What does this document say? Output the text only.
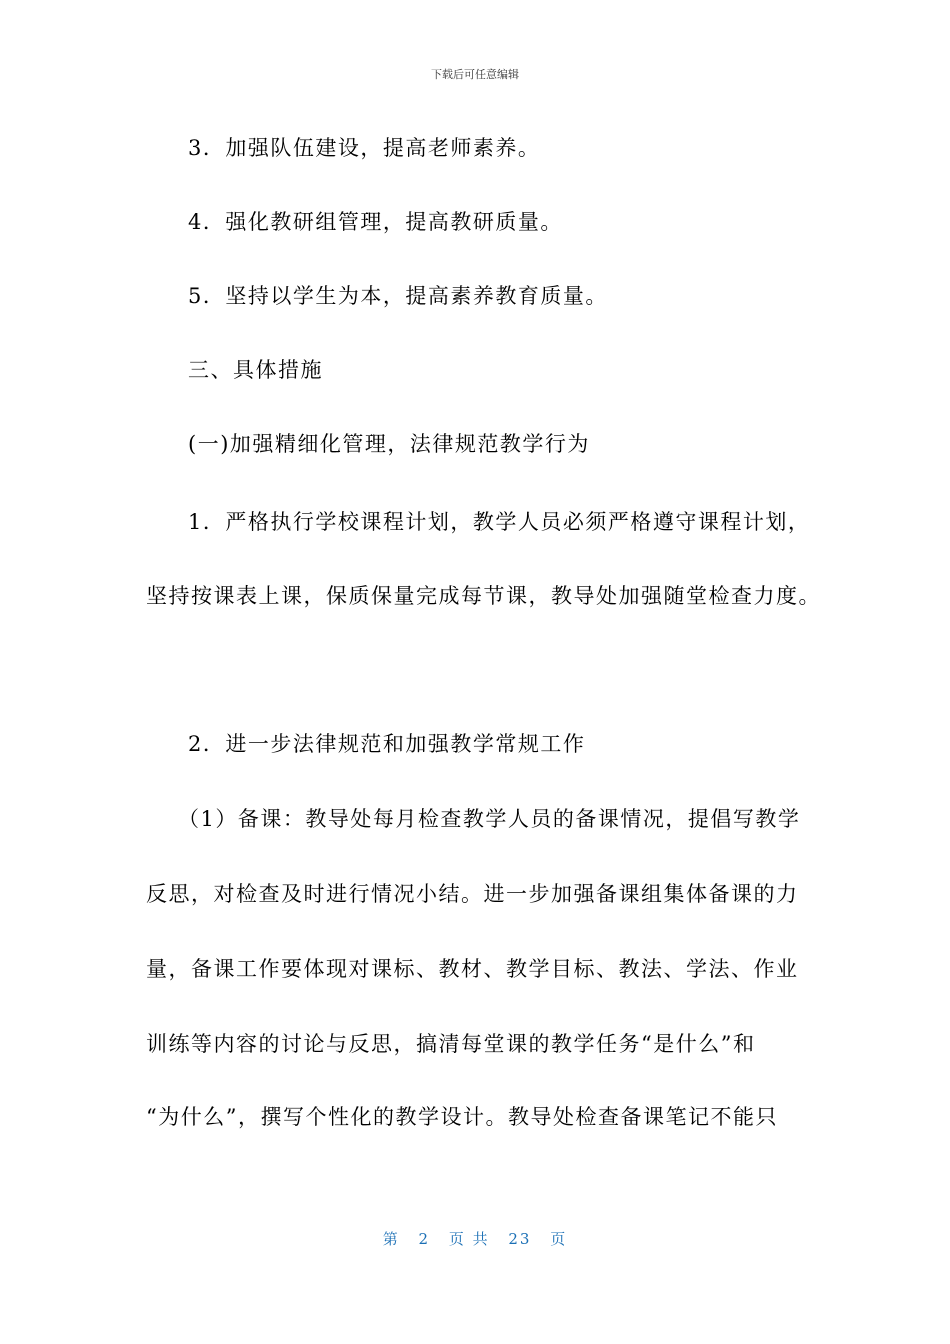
下载后可任意编辑
3．加强队伍建设，提高老师素养。
4．强化教研组管理，提高教研质量。
5．坚持以学生为本，提高素养教育质量。
三、具体措施
(一)加强精细化管理，法律规范教学行为
1．严格执行学校课程计划，教学人员必须严格遵守课程计划，
坚持按课表上课，保质保量完成每节课，教导处加强随堂检查力度。
2．进一步法律规范和加强教学常规工作
（1）备课：教导处每月检查教学人员的备课情况，提倡写教学
反思，对检查及时进行情况小结。进一步加强备课组集体备课的力
量，备课工作要体现对课标、教材、教学目标、教法、学法、作业
训练等内容的讨论与反思，搞清每堂课的教学任务“是什么”和
“为什么”，撰写个性化的教学设计。教导处检查备课笔记不能只
第 2 页 共 23 页
